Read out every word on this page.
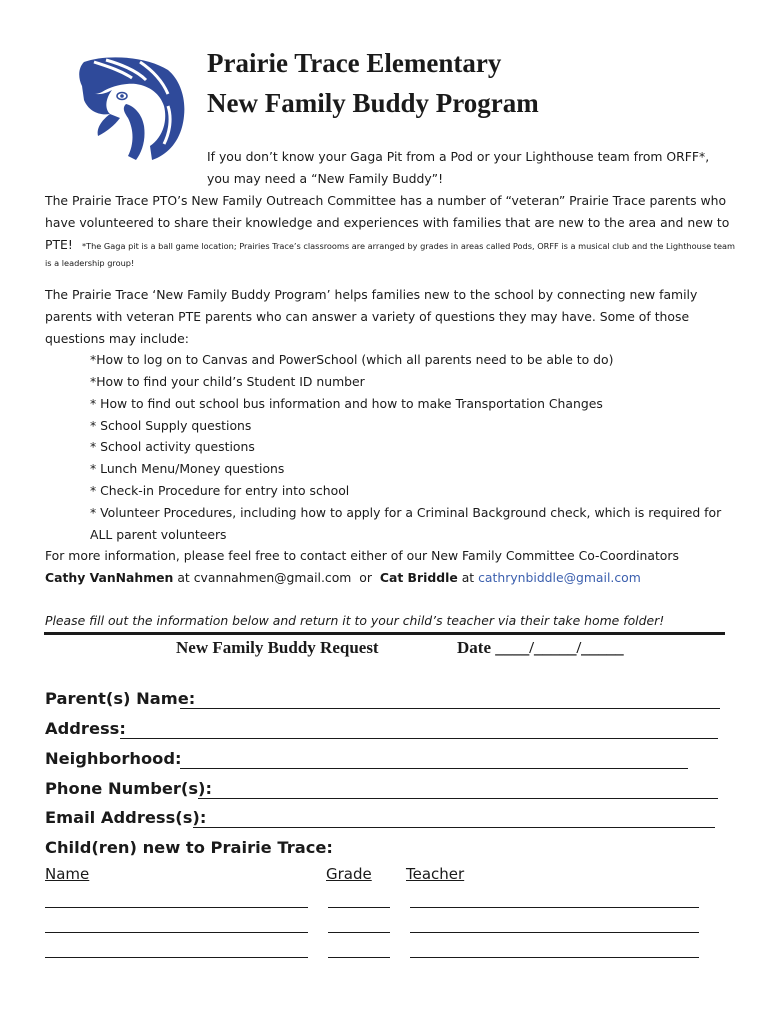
Prairie Trace Elementary
New Family Buddy Program
If you don’t know your Gaga Pit from a Pod or your Lighthouse team from ORFF*,
you may need a “New Family Buddy”!
The Prairie Trace PTO’s New Family Outreach Committee has a number of “veteran” Prairie Trace parents who
have volunteered to share their knowledge and experiences with families that are new to the area and new to
PTE! *The Gaga pit is a ball game location; Prairies Trace’s classrooms are arranged by grades in areas called Pods, ORFF is a musical club and the Lighthouse team
is a leadership group!
The Prairie Trace ‘New Family Buddy Program’ helps families new to the school by connecting new family
parents with veteran PTE parents who can answer a variety of questions they may have. Some of those
questions may include:
*How to log on to Canvas and PowerSchool (which all parents need to be able to do)
*How to find your child’s Student ID number
* How to find out school bus information and how to make Transportation Changes
* School Supply questions
* School activity questions
* Lunch Menu/Money questions
* Check-in Procedure for entry into school
* Volunteer Procedures, including how to apply for a Criminal Background check, which is required for
ALL parent volunteers
For more information, please feel free to contact either of our New Family Committee Co-Coordinators
Cathy VanNahmen at cvannahmen@gmail.com or Cat Briddle at cathrynbiddle@gmail.com
Please fill out the information below and return it to your child’s teacher via their take home folder!
New Family Buddy Request	Date ____/_____/_____
Parent(s) Name:
Address:
Neighborhood:
Phone Number(s):
Email Address(s):
Child(ren) new to Prairie Trace:
Name	Grade Teacher
